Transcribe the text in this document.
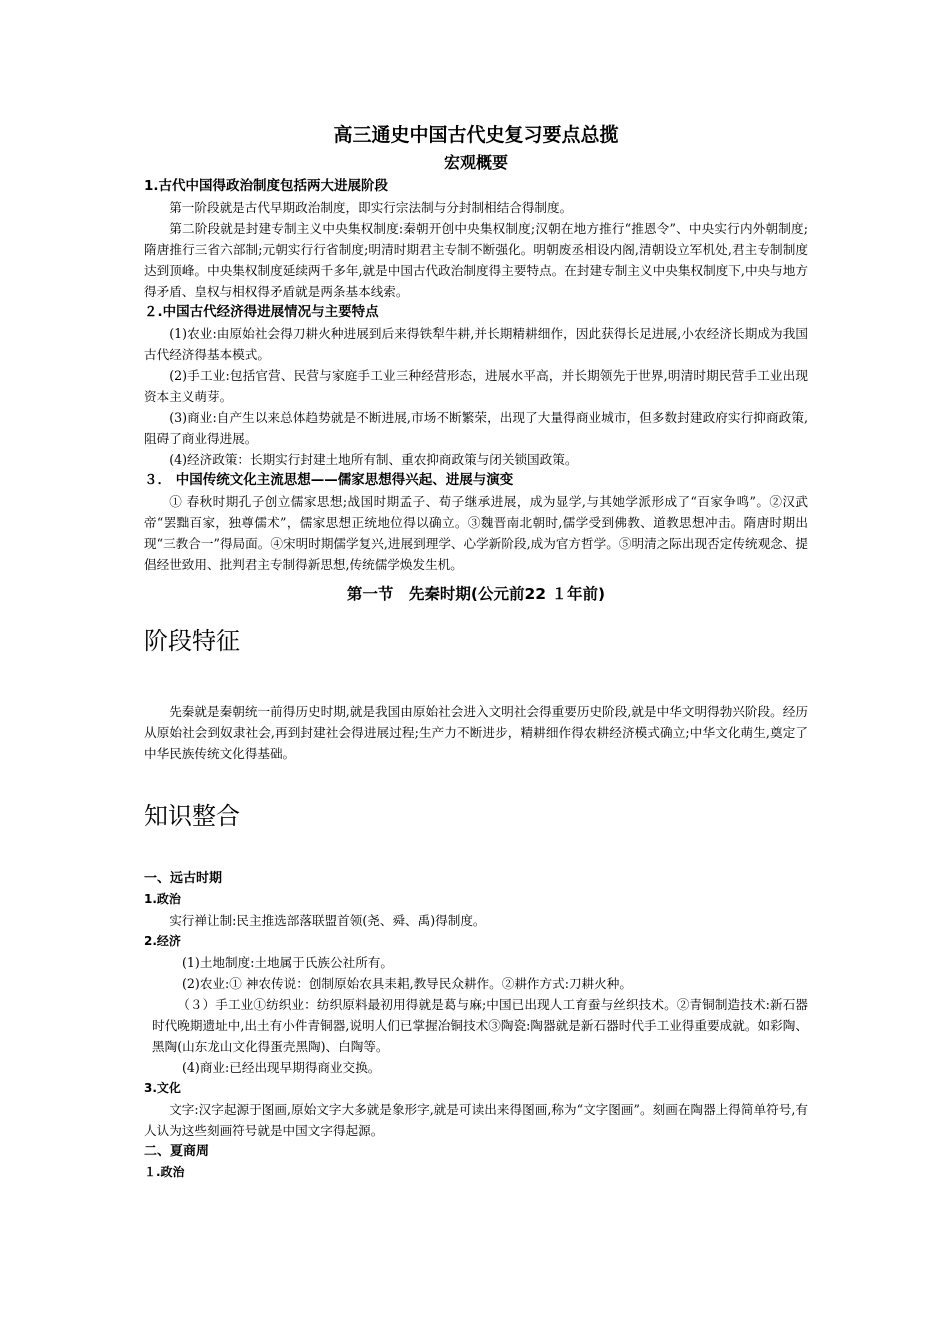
高三通史中国古代史复习要点总揽
宏观概要

1.古代中国得政治制度包括两大进展阶段

第一阶段就是古代早期政治制度，即实行宗法制与分封制相结合得制度。

第二阶段就是封建专制主义中央集权制度:秦朝开创中央集权制度;汉朝在地方推行“推恩令”、中央实行内外朝制度;隋唐推行三省六部制;元朝实行行省制度;明清时期君主专制不断强化。明朝废丞相设内阁,清朝设立军机处,君主专制制度达到顶峰。中央集权制度延续两千多年,就是中国古代政治制度得主要特点。在封建专制主义中央集权制度下,中央与地方得矛盾、皇权与相权得矛盾就是两条基本线索。

２.中国古代经济得进展情况与主要特点

(1)农业:由原始社会得刀耕火种进展到后来得铁犁牛耕,并长期精耕细作，因此获得长足进展,小农经济长期成为我国古代经济得基本模式。

(2)手工业:包括官营、民营与家庭手工业三种经营形态，进展水平高，并长期领先于世界,明清时期民营手工业出现资本主义萌芽。

(3)商业:自产生以来总体趋势就是不断进展,市场不断繁荣，出现了大量得商业城市，但多数封建政府实行抑商政策,阻碍了商业得进展。

(4)经济政策：长期实行封建土地所有制、重农抑商政策与闭关锁国政策。

３． 中国传统文化主流思想——儒家思想得兴起、进展与演变

① 春秋时期孔子创立儒家思想;战国时期孟子、荀子继承进展，成为显学,与其她学派形成了“百家争鸣”。②汉武帝“罢黜百家，独尊儒术”，儒家思想正统地位得以确立。③魏晋南北朝时,儒学受到佛教、道教思想冲击。隋唐时期出现“三教合一”得局面。④宋明时期儒学复兴,进展到理学、心学新阶段,成为官方哲学。⑤明清之际出现否定传统观念、提倡经世致用、批判君主专制得新思想,传统儒学焕发生机。

第一节　先秦时期(公元前22 １年前)

阶段特征

先秦就是秦朝统一前得历史时期,就是我国由原始社会进入文明社会得重要历史阶段,就是中华文明得勃兴阶段。经历从原始社会到奴隶社会,再到封建社会得进展过程;生产力不断进步，精耕细作得农耕经济模式确立;中华文化萌生,奠定了中华民族传统文化得基础。

知识整合

一、远古时期

1.政治

实行禅让制:民主推选部落联盟首领(尧、舜、禹)得制度。

2.经济

(1)土地制度:土地属于氏族公社所有。

(2)农业:① 神农传说：创制原始农具耒耜,教导民众耕作。②耕作方式:刀耕火种。

（３）手工业①纺织业：纺织原料最初用得就是葛与麻;中国已出现人工育蚕与丝织技术。②青铜制造技术:新石器时代晚期遗址中,出土有小件青铜器,说明人们已掌握冶铜技术③陶瓷:陶器就是新石器时代手工业得重要成就。如彩陶、黑陶(山东龙山文化得蛋壳黑陶)、白陶等。

(4)商业:已经出现早期得商业交换。

3.文化

文字:汉字起源于图画,原始文字大多就是象形字,就是可读出来得图画,称为“文字图画”。刻画在陶器上得简单符号,有人认为这些刻画符号就是中国文字得起源。

二、夏商周

１.政治
